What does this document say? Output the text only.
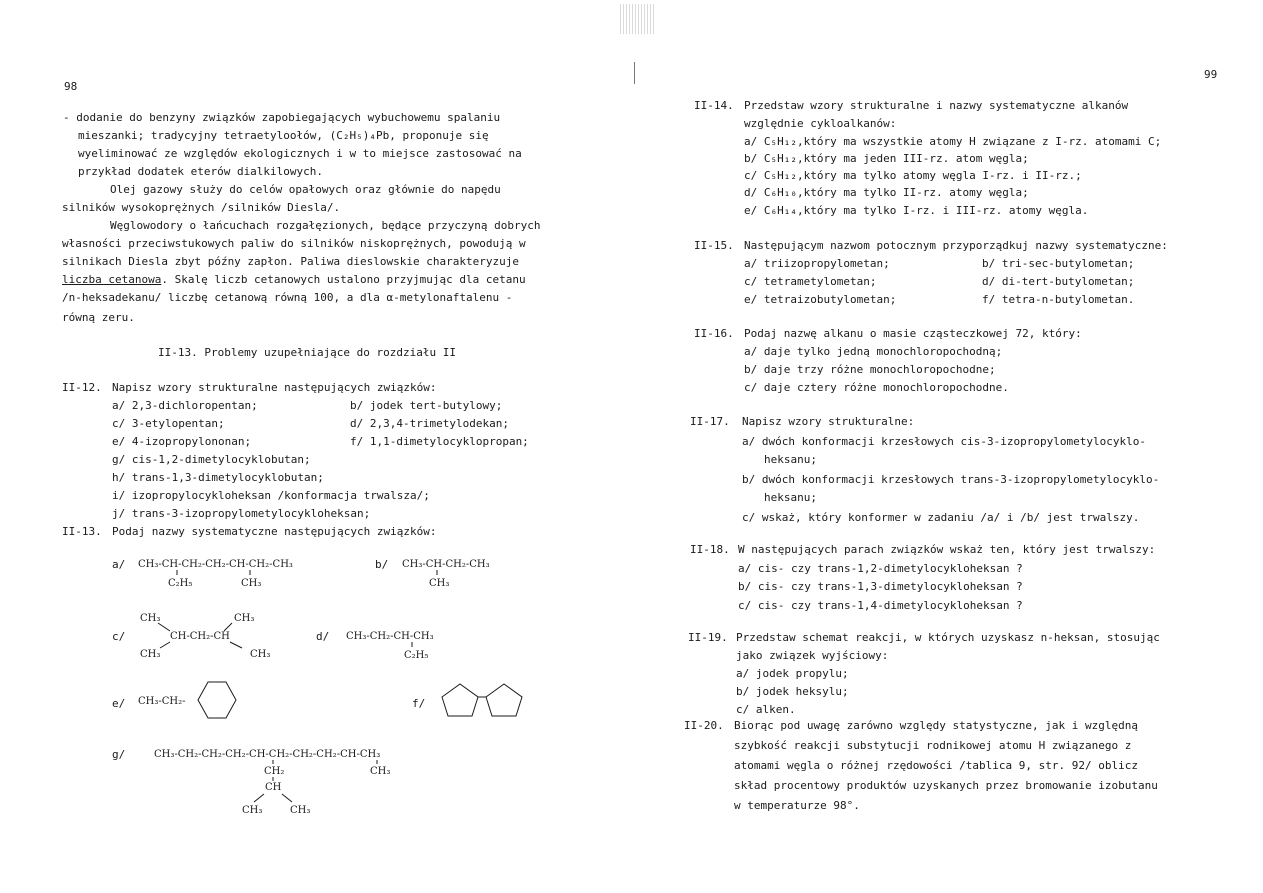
98
- dodanie do benzyny związków zapobiegających wybuchowemu spalaniu
mieszanki; tradycyjny tetraetyloołów, (C₂H₅)₄Pb, proponuje się
wyeliminować ze względów ekologicznych i w to miejsce zastosować na
przykład dodatek eterów dialkilowych.
Olej gazowy służy do celów opałowych oraz głównie do napędu
silników wysokoprężnych /silników Diesla/.
Węglowodory o łańcuchach rozgałęzionych, będące przyczyną dobrych
własności przeciwstukowych paliw do silników niskoprężnych, powodują w
silnikach Diesla zbyt późny zapłon. Paliwa dieslowskie charakteryzuje
liczba cetanowa. Skalę liczb cetanowych ustalono przyjmując dla cetanu
/n-heksadekanu/ liczbę cetanową równą 100, a dla α-metylonaftalenu -
równą zeru.
II-13. Problemy uzupełniające do rozdziału II
II-12. Napisz wzory strukturalne następujących związków:
a/ 2,3-dichloropentan;	b/ jodek tert-butylowy;
c/ 3-etylopentan;	d/ 2,3,4-trimetylodekan;
e/ 4-izopropylononan;	f/ 1,1-dimetylocyklopropan;
g/ cis-1,2-dimetylocyklobutan;
h/ trans-1,3-dimetylocyklobutan;
i/ izopropylocykloheksan /konformacja trwalsza/;
j/ trans-3-izopropylometylocykloheksan;
II-13. Podaj nazwy systematyczne następujących związków:
a/	b/
c/	d/
e/	f/
g/
CH₃-CH-CH₂-CH₂-CH-CH₂-CH₃
C₂H₅	CH₃
CH₃-CH-CH₂-CH₃
CH₃
CH₃	CH₃
CH-CH₂-CH
CH₃	CH₃
CH₃-CH₂-CH-CH₃
C₂H₅
CH₃-CH₂-
CH₃-CH₂-CH₂-CH₂-CH-CH₂-CH₂-CH₂-CH-CH₃
CH₂	CH₃
CH
CH₃	CH₃
99
II-14. Przedstaw wzory strukturalne i nazwy systematyczne alkanów
względnie cykloalkanów:
a/ C₅H₁₂,który ma wszystkie atomy H związane z I-rz. atomami C;
b/ C₅H₁₂,który ma jeden III-rz. atom węgla;
c/ C₅H₁₂,który ma tylko atomy węgla I-rz. i II-rz.;
d/ C₆H₁₀,który ma tylko II-rz. atomy węgla;
e/ C₆H₁₄,który ma tylko I-rz. i III-rz. atomy węgla.
II-15. Następującym nazwom potocznym przyporządkuj nazwy systematyczne:
a/ triizopropylometan;	b/ tri-sec-butylometan;
c/ tetrametylometan;	d/ di-tert-butylometan;
e/ tetraizobutylometan;	f/ tetra-n-butylometan.
II-16. Podaj nazwę alkanu o masie cząsteczkowej 72, który:
a/ daje tylko jedną monochloropochodną;
b/ daje trzy różne monochloropochodne;
c/ daje cztery różne monochloropochodne.
II-17. Napisz wzory strukturalne:
a/ dwóch konformacji krzesłowych cis-3-izopropylometylocyklo-
heksanu;
b/ dwóch konformacji krzesłowych trans-3-izopropylometylocyklo-
heksanu;
c/ wskaż, który konformer w zadaniu /a/ i /b/ jest trwalszy.
II-18. W następujących parach związków wskaż ten, który jest trwalszy:
a/ cis- czy trans-1,2-dimetylocykloheksan ?
b/ cis- czy trans-1,3-dimetylocykloheksan ?
c/ cis- czy trans-1,4-dimetylocykloheksan ?
II-19. Przedstaw schemat reakcji, w których uzyskasz n-heksan, stosując
jako związek wyjściowy:
a/ jodek propylu;
b/ jodek heksylu;
c/ alken.
II-20. Biorąc pod uwagę zarówno względy statystyczne, jak i względną
szybkość reakcji substytucji rodnikowej atomu H związanego z
atomami węgla o różnej rzędowości /tablica 9, str. 92/ oblicz
skład procentowy produktów uzyskanych przez bromowanie izobutanu
w temperaturze 98°.
